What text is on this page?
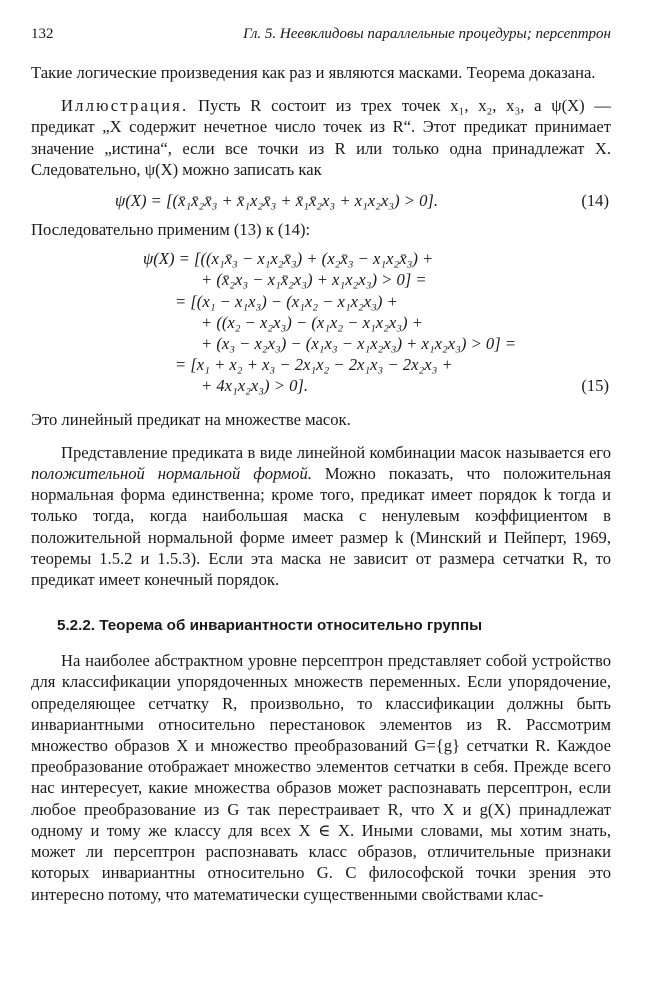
132	Гл. 5. Неевклидовы параллельные процедуры; персептрон

Такие логические произведения как раз и являются масками. Теорема доказана.

Иллюстрация. Пусть R состоит из трех точек x₁, x₂, x₃, а ψ(X) — предикат „X содержит нечетное число точек из R“. Этот предикат принимает значение „истина“, если все точки из R или только одна принадлежат X. Следовательно, ψ(X) можно записать как

ψ(X) = [(x̄₁x̄₂x̄₃ + x̄₁x₂x̄₃ + x̄₁x̄₂x₃ + x₁x₂x₃) > 0].	(14)

Последовательно применим (13) к (14):

ψ(X) = [((x₁x̄₃ − x₁x₂x̄₃) + (x₂x̄₃ − x₁x₂x̄₃) +
+ (x̄₂x₃ − x₁x̄₂x₃) + x₁x₂x₃) > 0] =
= [(x₁ − x₁x₃) − (x₁x₂ − x₁x₂x₃) +
+ ((x₂ − x₂x₃) − (x₁x₂ − x₁x₂x₃) +
+ (x₃ − x₂x₃) − (x₁x₃ − x₁x₂x₃) + x₁x₂x₃) > 0] =
= [x₁ + x₂ + x₃ − 2x₁x₂ − 2x₁x₃ − 2x₂x₃ +
+ 4x₁x₂x₃) > 0].	(15)

Это линейный предикат на множестве масок.

Представление предиката в виде линейной комбинации масок называется его положительной нормальной формой. Можно показать, что положительная нормальная форма единственна; кроме того, предикат имеет порядок k тогда и только тогда, когда наибольшая маска с ненулевым коэффициентом в положительной нормальной форме имеет размер k (Минский и Пейперт, 1969, теоремы 1.5.2 и 1.5.3). Если эта маска не зависит от размера сетчатки R, то предикат имеет конечный порядок.

5.2.2. Теорема об инвариантности относительно группы

На наиболее абстрактном уровне персептрон представляет собой устройство для классификации упорядоченных множеств переменных. Если упорядочение, определяющее сетчатку R, произвольно, то классификации должны быть инвариантными относительно перестановок элементов из R. Рассмотрим множество образов X и множество преобразований G={g} сетчатки R. Каждое преобразование отображает множество элементов сетчатки в себя. Прежде всего нас интересует, какие множества образов может распознавать персептрон, если любое преобразование из G так перестраивает R, что X и g(X) принадлежат одному и тому же классу для всех X ∈ X. Иными словами, мы хотим знать, может ли персептрон распознавать класс образов, отличительные признаки которых инвариантны относительно G. С философской точки зрения это интересно потому, что математически существенными свойствами клас-
